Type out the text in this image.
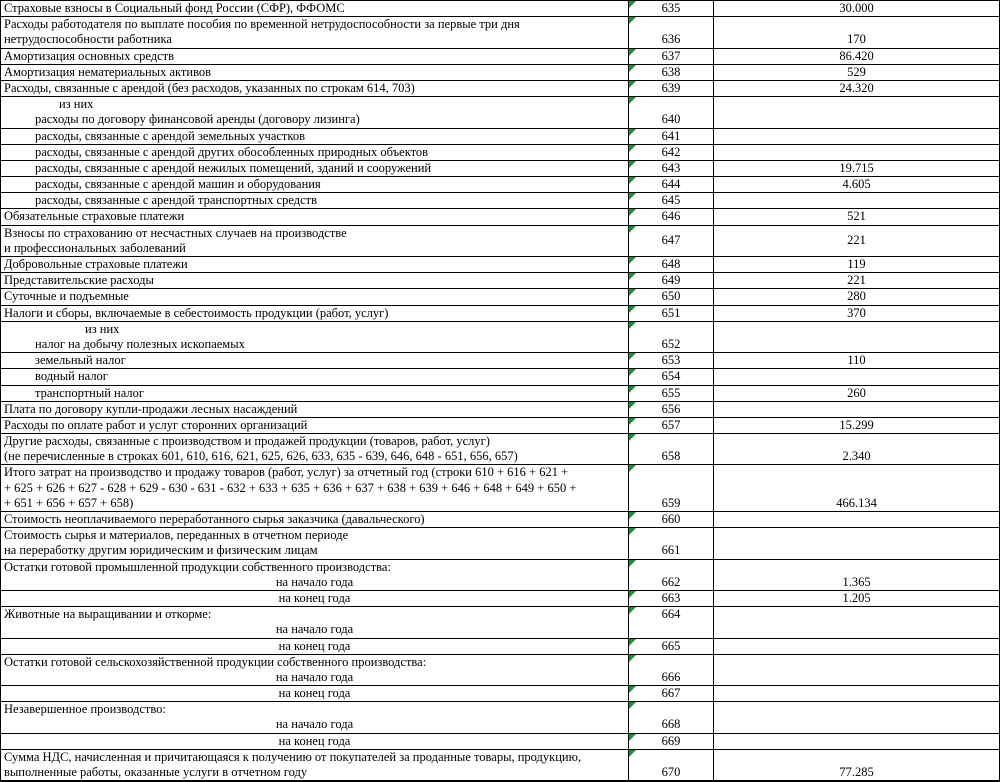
Страховые взносы в Социальный фонд России (СФР), ФФОМС	635	30.000

Расходы работодателя по выплате пособия по временной нетрудоспособности за первые три дня
нетрудоспособности работника	636	170

Амортизация основных средств	637	86.420

Амортизация нематериальных активов	638	529

Расходы, связанные с арендой (без расходов, указанных по строкам 614, 703)	639	24.320

из них
расходы по договору финансовой аренды (договору лизинга)	640	

расходы, связанные с арендой земельных участков	641	

расходы, связанные с арендой других обособленных природных объектов	642	

расходы, связанные с арендой нежилых помещений, зданий и сооружений	643	19.715

расходы, связанные с арендой машин и оборудования	644	4.605

расходы, связанные с арендой транспортных средств	645	

Обязательные страховые платежи	646	521

Взносы по страхованию от несчастных случаев на производстве
и профессиональных заболеваний	647	221

Добровольные страховые платежи	648	119

Представительские расходы	649	221

Суточные и подъемные	650	280

Налоги и сборы, включаемые в себестоимость продукции (работ, услуг)	651	370

из них
налог на добычу полезных ископаемых	652	

земельный налог	653	110

водный налог	654	

транспортный налог	655	260

Плата по договору купли-продажи лесных насаждений	656	

Расходы по оплате работ и услуг сторонних организаций	657	15.299

Другие расходы, связанные с производством и продажей продукции (товаров, работ, услуг)
(не перечисленные в строках 601, 610, 616, 621, 625, 626, 633, 635 - 639, 646, 648 - 651, 656, 657)	658	2.340

Итого затрат на производство и продажу товаров (работ, услуг) за отчетный год (строки 610 + 616 + 621 +
+ 625 + 626 + 627 - 628 + 629 - 630 - 631 - 632 + 633 + 635 + 636 + 637 + 638 + 639 + 646 + 648 + 649 + 650 +
+ 651 + 656 + 657 + 658)	659	466.134

Стоимость неоплачиваемого переработанного сырья заказчика (давальческого)	660	

Стоимость сырья и материалов, переданных в отчетном периоде
на переработку другим юридическим и физическим лицам	661	

Остатки готовой промышленной продукции собственного производства:
на начало года	662	1.365

на конец года	663	1.205

Животные на выращивании и откорме:
на начало года	664	

на конец года	665	

Остатки готовой сельскохозяйственной продукции собственного производства:
на начало года	666	

на конец года	667	

Незавершенное производство:
на начало года	668	

на конец года	669	

Сумма НДС, начисленная и причитающаяся к получению от покупателей за проданные товары, продукцию,
выполненные работы, оказанные услуги в отчетном году	670	77.285
